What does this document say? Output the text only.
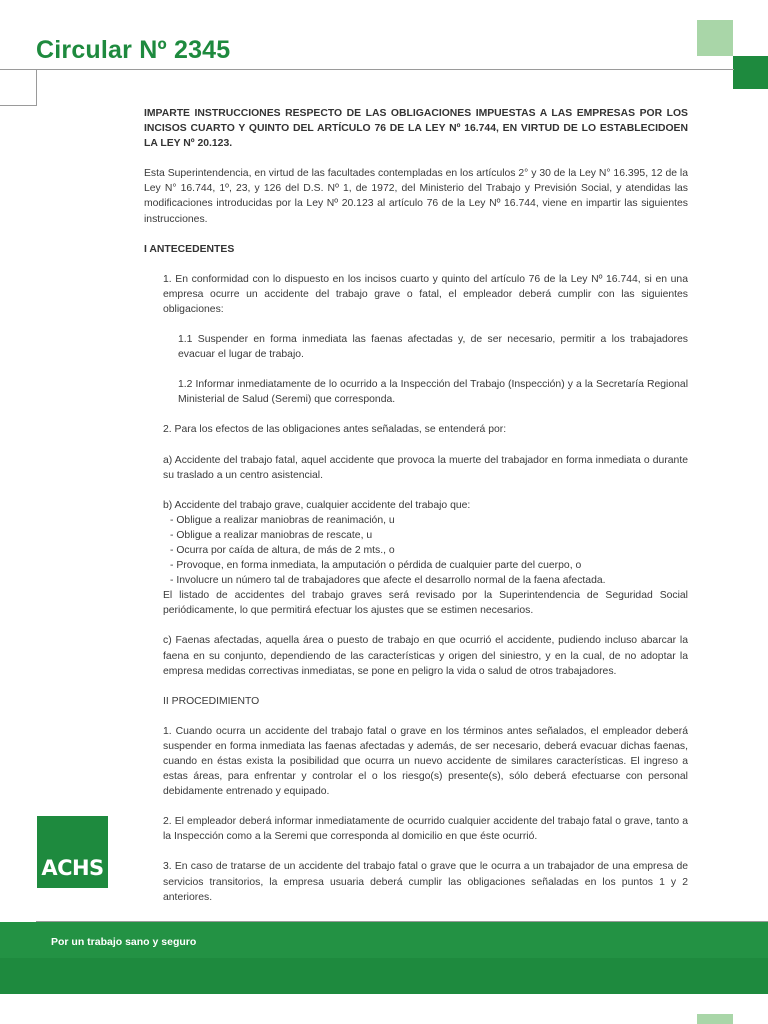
Circular Nº 2345

IMPARTE INSTRUCCIONES RESPECTO DE LAS OBLIGACIONES IMPUESTAS A LAS EMPRESAS POR LOS INCISOS CUARTO Y QUINTO DEL ARTÍCULO 76 DE LA LEY Nº 16.744, EN VIRTUD DE LO ESTABLECIDOEN LA LEY Nº 20.123.

Esta Superintendencia, en virtud de las facultades contempladas en los artículos 2° y 30 de la Ley N° 16.395, 12 de la Ley N° 16.744, 1º, 23, y 126 del D.S. Nº 1, de 1972, del Ministerio del Trabajo y Previsión Social, y atendidas las modificaciones introducidas por la Ley Nº 20.123 al artículo 76 de la Ley Nº 16.744, viene en impartir las siguientes instrucciones.

I ANTECEDENTES

1. En conformidad con lo dispuesto en los incisos cuarto y quinto del artículo 76 de la Ley Nº 16.744, si en una empresa ocurre un accidente del trabajo grave o fatal, el empleador deberá cumplir con las siguientes obligaciones:

1.1 Suspender en forma inmediata las faenas afectadas y, de ser necesario, permitir a los trabajadores evacuar el lugar de trabajo.

1.2 Informar inmediatamente de lo ocurrido a la Inspección del Trabajo (Inspección) y a la Secretaría Regional Ministerial de Salud (Seremi) que corresponda.

2. Para los efectos de las obligaciones antes señaladas, se entenderá por:

a) Accidente del trabajo fatal, aquel accidente que provoca la muerte del trabajador en forma inmediata o durante su traslado a un centro asistencial.

b) Accidente del trabajo grave, cualquier accidente del trabajo que:

- Obligue a realizar maniobras de reanimación, u

- Obligue a realizar maniobras de rescate, u

- Ocurra por caída de altura, de más de 2 mts., o

- Provoque, en forma inmediata, la amputación o pérdida de cualquier parte del cuerpo, o

- Involucre un número tal de trabajadores que afecte el desarrollo normal de la faena afectada.

El listado de accidentes del trabajo graves será revisado por la Superintendencia de Seguridad Social periódicamente, lo que permitirá efectuar los ajustes que se estimen necesarios.

c) Faenas afectadas, aquella área o puesto de trabajo en que ocurrió el accidente, pudiendo incluso abarcar la faena en su conjunto, dependiendo de las características y origen del siniestro, y en la cual, de no adoptar la empresa medidas correctivas inmediatas, se pone en peligro la vida o salud de otros trabajadores.

II PROCEDIMIENTO

1. Cuando ocurra un accidente del trabajo fatal o grave en los términos antes señalados, el empleador deberá suspender en forma inmediata las faenas afectadas y además, de ser necesario, deberá evacuar dichas faenas, cuando en éstas exista la posibilidad que ocurra un nuevo accidente de similares características. El ingreso a estas áreas, para enfrentar y controlar el o los riesgo(s) presente(s), sólo deberá efectuarse con personal debidamente entrenado y equipado.

2. El empleador deberá informar inmediatamente de ocurrido cualquier accidente del trabajo fatal o grave, tanto a la Inspección como a la Seremi que corresponda al domicilio en que éste ocurrió.

3. En caso de tratarse de un accidente del trabajo fatal o grave que le ocurra a un trabajador de una empresa de servicios transitorios, la empresa usuaria deberá cumplir las obligaciones señaladas en los puntos 1 y 2 anteriores.

ACHS
Por un trabajo sano y seguro
